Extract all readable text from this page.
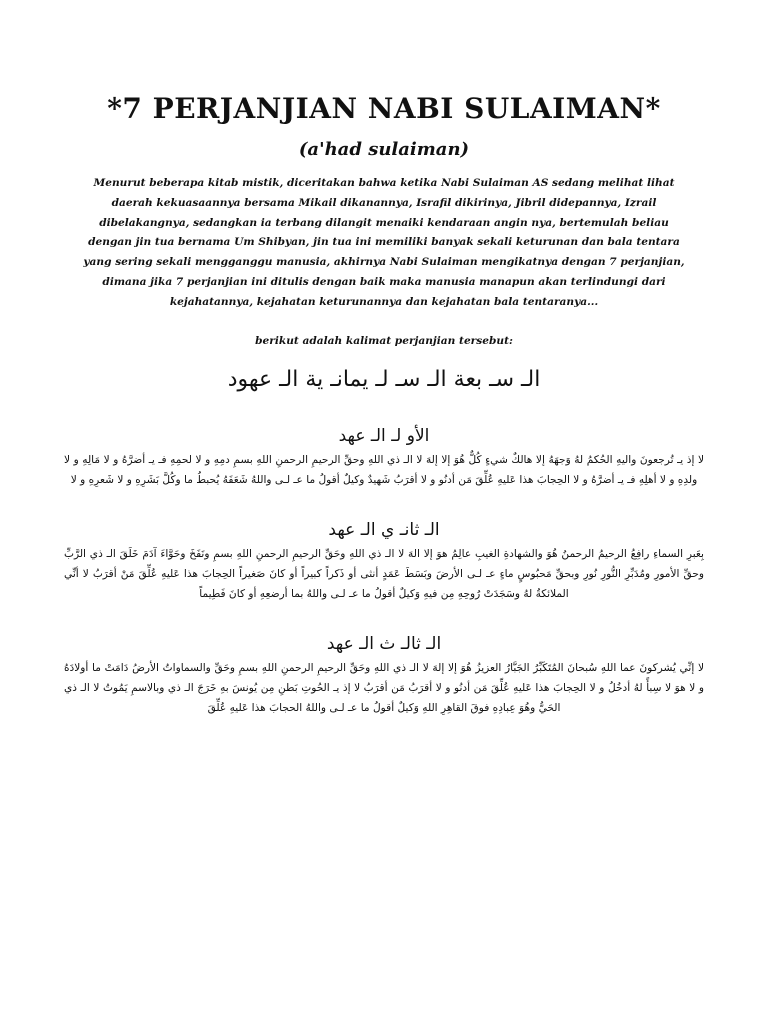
*7 PERJANJIAN NABI SULAIMAN*

(a'had sulaiman)

Menurut beberapa kitab mistik, diceritakan bahwa ketika Nabi Sulaiman AS sedang melihat lihat daerah kekuasaannya bersama Mikail dikanannya, Israfil dikirinya, Jibril didepannya, Izrail dibelakangnya, sedangkan ia terbang dilangit menaiki kendaraan angin nya, bertemulah beliau dengan jin tua bernama Um Shibyan, jin tua ini memiliki banyak sekali keturunan dan bala tentara yang sering sekali mengganggu manusia, akhirnya Nabi Sulaiman mengikatnya dengan 7 perjanjian, dimana jika 7 perjanjian ini ditulis dengan baik maka manusia manapun akan terlindungi dari kejahatannya, kejahatan keturunannya dan kejahatan bala tentaranya...

berikut adalah kalimat perjanjian tersebut:

الـ سـ بعة الـ سـ لـ يمانـ ية الـ عهود

الأو لـ الـ عهد

لا إذ يـ تُرجعونَ واليهِ الحُكمُ لهُ وَجهَهُ إلا هالكٌ شيءٍ كُلٌّ هُوَ إلا إلهَ لا الـ ذي اللهِ وحقِّ الرحيمِ الرحمنِ اللهِ بسمِ دمِهِ و لا لحمِهِ فـ يـ أضرَّهُ و لا مَالِهِ و لا ولدِهِ و لا أهلِهِ فـ يـ أضرَّهُ و لا الحِجابَ هذا عَليهِ عُلِّقَ مَن أدنُو و لا أقرَبُ شَهيدٌ وكيلٌ أقولُ ما عـ لـى واللهُ شَعَفَهُ يُحبطُ ما وكُلَّ بَشَرِهِ و لا شَعرِهِ و لا

الـ ثانـ ي الـ عهد

بِعَبرِ السماءِ رافِعُ الرحيمُ الرحمنُ هُوَ والشهادةِ الغيبِ عالِمُ هوَ إلا الهَ لا الـ ذي اللهِ وحَقِّ الرحيمِ الرحمنِ اللهِ بسمِ ونَفَخَ وحَوَّاءَ آدَمَ خَلَقَ الـ ذي الرَّبِّ وحقِّ الأمورِ ومُدَبِّرِ النُّورِ نُورِ وبحقِّ مَحبُوسٍ ماءٍ عـ لـى الأرضَ وبَسَطَ عَمَدٍ أنثى أو ذَكراً كبيراً أو كانَ صَغيراً الحِجابَ هذا عَليهِ عُلِّقَ مَنْ أقرَبُ لا أنِّي الملائكةُ لهُ وسَجَدَتْ رُوحِهِ مِن فيهِ وَكيلٌ أقولُ ما عـ لـى واللهُ بما أرضعِهِ أو كانَ فَطِيماً

الـ ثالـ ث الـ عهد

لا إنِّي يُشركونَ عما اللهِ سُبحانَ المُتَكَبِّرُ الجَبَّارُ العزيزُ هُوَ إلا إلهَ لا الـ ذي اللهِ وحَقِّ الرحيمِ الرحمنِ اللهِ بسمِ وحَقِّ والسماواتُ الأرضُ دَامَتْ ما أولادَهُ و لا هوَ لا سِبأً لهُ أدخُلُ و لا الحِجابَ هذا عَليهِ عُلِّقَ مَن أدنُو و لا أقرَبُ مَن أقرَبُ لا إذ يـ الحُوتِ بَطنِ مِن يُونسَ بهِ خَرَجَ الـ ذي وبالاسمِ يَمُوتُ لا الـ ذي الحَيُّ وهُوَ عِبادِهِ فوقَ القاهِرِ اللهِ وَكيلٌ أقولُ ما عـ لـى واللهُ الحجابَ هذا عَليهِ عُلِّقَ
